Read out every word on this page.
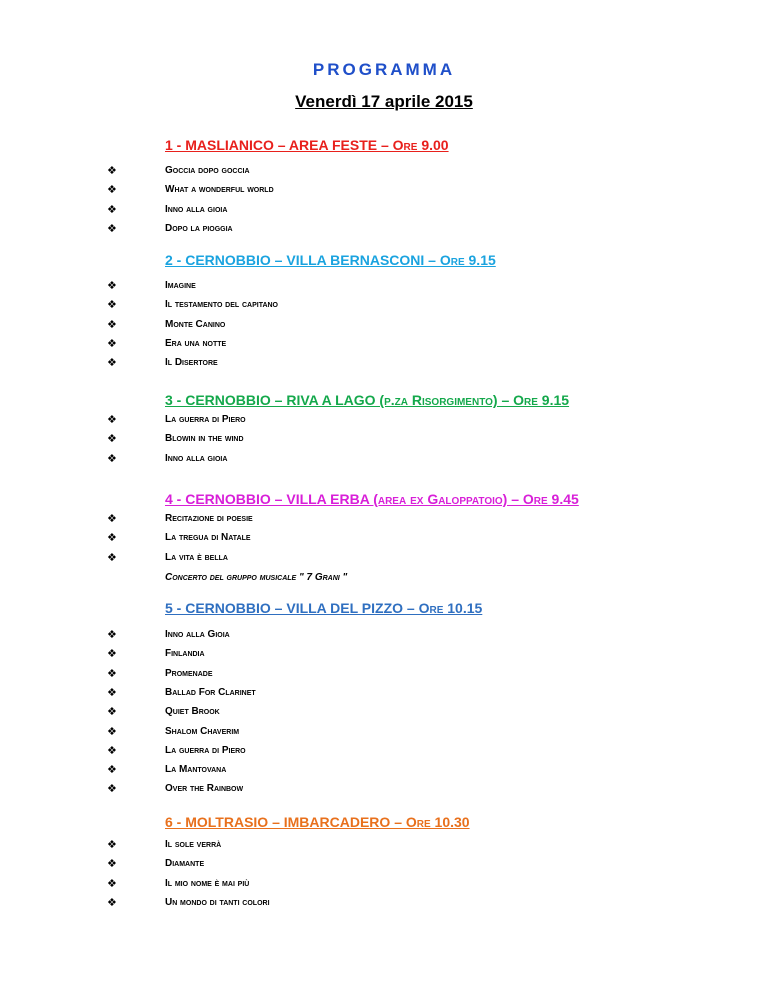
PROGRAMMA
Venerdì 17 aprile 2015
1 - MASLIANICO – AREA FESTE – Ore 9.00
❖	Goccia dopo goccia
❖	What a wonderful world
❖	Inno alla gioia
❖	Dopo la pioggia
2 - CERNOBBIO – VILLA BERNASCONI – Ore 9.15
❖	Imagine
❖	Il testamento del capitano
❖	Monte Canino
❖	Era una notte
❖	Il Disertore
3 - CERNOBBIO – RIVA A LAGO (p.za Risorgimento) – Ore 9.15
❖	La guerra di Piero
❖	Blowin in the wind
❖	Inno alla gioia
4 - CERNOBBIO – VILLA ERBA (area ex Galoppatoio) – Ore 9.45
❖	Recitazione di poesie
❖	La tregua di Natale
❖	La vita è bella
Concerto del gruppo musicale " 7 Grani "
5 - CERNOBBIO – VILLA DEL PIZZO – Ore 10.15
❖	Inno alla Gioia
❖	Finlandia
❖	Promenade
❖	Ballad For Clarinet
❖	Quiet Brook
❖	Shalom Chaverim
❖	La guerra di Piero
❖	La Mantovana
❖	Over the Rainbow
6 - MOLTRASIO – IMBARCADERO – Ore 10.30
❖	Il sole verrà
❖	Diamante
❖	Il mio nome è mai più
❖	Un mondo di tanti colori
